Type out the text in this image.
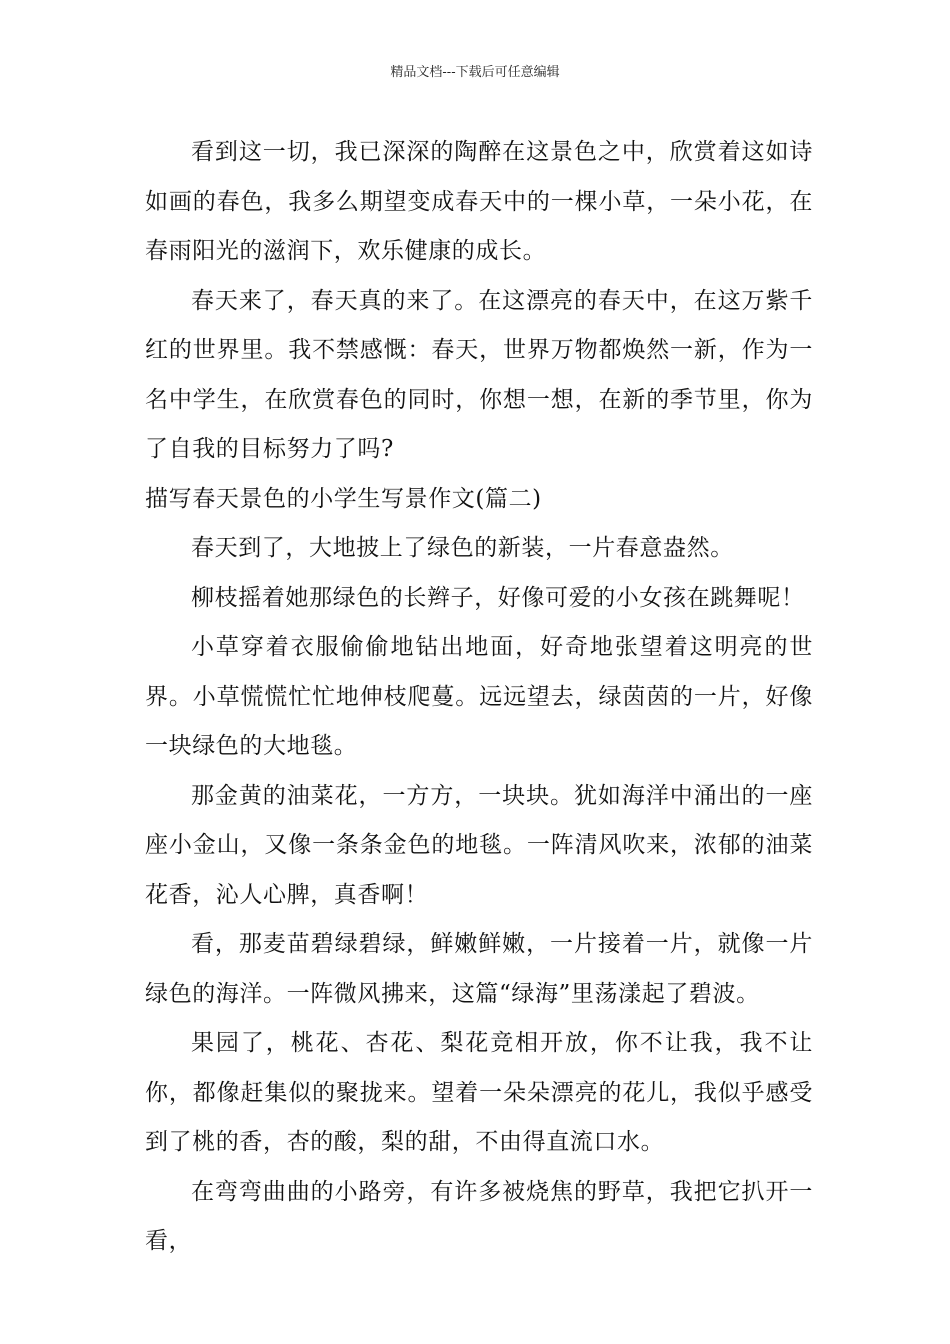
精品文档---下载后可任意编辑

看到这一切，我已深深的陶醉在这景色之中，欣赏着这如诗如画的春色，我多么期望变成春天中的一棵小草，一朵小花，在春雨阳光的滋润下，欢乐健康的成长。

春天来了，春天真的来了。在这漂亮的春天中，在这万紫千红的世界里。我不禁感慨：春天，世界万物都焕然一新，作为一名中学生，在欣赏春色的同时，你想一想，在新的季节里，你为了自我的目标努力了吗?

描写春天景色的小学生写景作文(篇二)

春天到了，大地披上了绿色的新装，一片春意盎然。

柳枝摇着她那绿色的长辫子，好像可爱的小女孩在跳舞呢！

小草穿着衣服偷偷地钻出地面，好奇地张望着这明亮的世界。小草慌慌忙忙地伸枝爬蔓。远远望去，绿茵茵的一片，好像一块绿色的大地毯。

那金黄的油菜花，一方方，一块块。犹如海洋中涌出的一座座小金山，又像一条条金色的地毯。一阵清风吹来，浓郁的油菜花香，沁人心脾，真香啊！

看，那麦苗碧绿碧绿，鲜嫩鲜嫩，一片接着一片，就像一片绿色的海洋。一阵微风拂来，这篇“绿海”里荡漾起了碧波。

果园了，桃花、杏花、梨花竞相开放，你不让我，我不让你，都像赶集似的聚拢来。望着一朵朵漂亮的花儿，我似乎感受到了桃的香，杏的酸，梨的甜，不由得直流口水。

在弯弯曲曲的小路旁，有许多被烧焦的野草，我把它扒开一看，
